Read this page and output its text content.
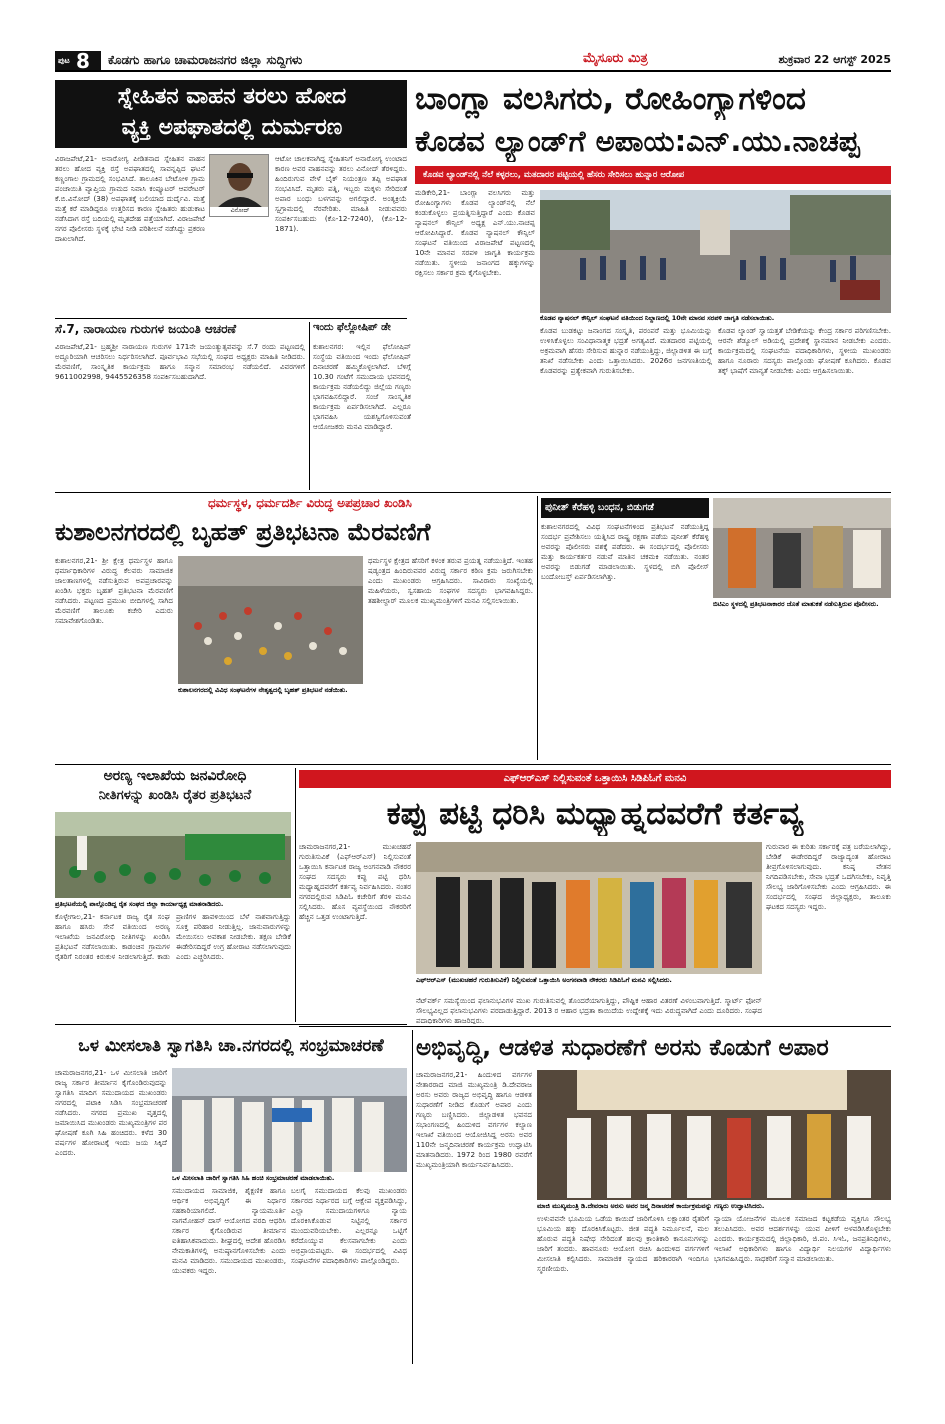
ಪುಟ 8 ಕೊಡಗು ಹಾಗೂ ಚಾಮರಾಜನಗರ ಜಿಲ್ಲಾ ಸುದ್ದಿಗಳು	ಮೈಸೂರು ಮಿತ್ರ	ಶುಕ್ರವಾರ 22 ಆಗಸ್ಟ್ 2025
ಸ್ನೇಹಿತನ ವಾಹನ ತರಲು ಹೋದ
ವ್ಯಕ್ತಿ ಅಪಘಾತದಲ್ಲಿ ದುರ್ಮರಣ
ವಿರಾಜಪೇಟೆ,21- ಅನಾರೋಗ್ಯ ಪೀಡಿತನಾದ ಸ್ನೇಹಿತನ ವಾಹನ ತರಲು ಹೋದ ವ್ಯಕ್ತಿ ರಸ್ತೆ ಅಪಘಾತದಲ್ಲಿ ಸಾವನ್ನಪ್ಪಿದ ಘಟನೆ ಕಣ್ಣಂಗಾಲ ಗ್ರಾಮದಲ್ಲಿ ಸಂಭವಿಸಿದೆ. ತಾಲೂಕಿನ ಬೇಟೋಳಿ ಗ್ರಾಮ ಪಂಚಾಯಿತಿ ವ್ಯಾಪ್ತಿಯ ಗ್ರಾಮದ ನಿವಾಸಿ ಕಂಪ್ಯೂಟರ್ ಆಪರೇಟರ್ ಕೆ.ಬಿ.ವಿನೋದ್ (38) ಅಪಘಾತಕ್ಕೆ ಬಲಿಯಾದ ದುರ್ದೈವಿ. ಮತ್ತೆ ಮತ್ತೆ ಕರೆ ಮಾಡಿದ್ದರೂ ಉತ್ತರಿಸದ ಕಾರಣ ಸ್ನೇಹಿತರು ಹುಡುಕಾಟ ನಡೆಸಿದಾಗ ರಸ್ತೆ ಬದಿಯಲ್ಲಿ ಮೃತದೇಹ ಪತ್ತೆಯಾಗಿದೆ. ವಿರಾಜಪೇಟೆ ನಗರ ಪೊಲೀಸರು ಸ್ಥಳಕ್ಕೆ ಭೇಟಿ ನೀಡಿ ಪರಿಶೀಲನೆ ನಡೆಸಿದ್ದು ಪ್ರಕರಣ ದಾಖಲಾಗಿದೆ.
ವಿನೋದ್
ಆಟೋ ಚಾಲಕನಾಗಿದ್ದ ಸ್ನೇಹಿತನಿಗೆ ಅನಾರೋಗ್ಯ ಉಂಟಾದ ಕಾರಣ ಅವರ ವಾಹನವನ್ನು ತರಲು ವಿನೋದ್ ತೆರಳಿದ್ದರು. ಹಿಂದಿರುಗುವ ವೇಳೆ ಬೈಕ್ ನಿಯಂತ್ರಣ ತಪ್ಪಿ ಅಪಘಾತ ಸಂಭವಿಸಿದೆ. ಮೃತರು ಪತ್ನಿ, ಇಬ್ಬರು ಮಕ್ಕಳು ಸೇರಿದಂತೆ ಅಪಾರ ಬಂಧು ಬಳಗವನ್ನು ಅಗಲಿದ್ದಾರೆ. ಅಂತ್ಯಕ್ರಿಯೆ ಸ್ವಗ್ರಾಮದಲ್ಲಿ ನೆರವೇರಿತು. ಮಾಹಿತಿ ನೀಡುವವರು ಸಂಪರ್ಕಿಸಬಹುದು (ಕೊ-12-7240), (ಕೊ-12-1871).
ಬಾಂಗ್ಲಾ ವಲಸಿಗರು, ರೋಹಿಂಗ್ಯಾಗಳಿಂದ
ಕೊಡವ ಲ್ಯಾಂಡ್‌ಗೆ ಅಪಾಯ:ಎನ್.ಯು.ನಾಚಪ್ಪ
ಕೊಡವ ಲ್ಯಾಂಡ್‌ನಲ್ಲಿ ನೆಲೆ ಕಳ್ಳರಲು, ಮತದಾರರ ಪಟ್ಟಿಯಲ್ಲಿ ಹೆಸರು ಸೇರಿಸಲು ಹುನ್ನಾರ ಆರೋಪ
ಮಡಿಕೇರಿ,21- ಬಾಂಗ್ಲಾ ವಲಸಿಗರು ಮತ್ತು ರೋಹಿಂಗ್ಯಾಗಳು ಕೊಡವ ಲ್ಯಾಂಡ್‌ನಲ್ಲಿ ನೆಲೆ ಕಂಡುಕೊಳ್ಳಲು ಪ್ರಯತ್ನಿಸುತ್ತಿದ್ದಾರೆ ಎಂದು ಕೊಡವ ನ್ಯಾಷನಲ್ ಕೌನ್ಸಿಲ್ ಅಧ್ಯಕ್ಷ ಎನ್.ಯು.ನಾಚಪ್ಪ ಆರೋಪಿಸಿದ್ದಾರೆ. ಕೊಡವ ನ್ಯಾಷನಲ್ ಕೌನ್ಸಿಲ್ ಸಂಘಟನೆ ವತಿಯಿಂದ ವಿರಾಜಪೇಟೆ ಪಟ್ಟಣದಲ್ಲಿ 10ನೇ ಮಾನವ ಸರಪಳಿ ಜಾಗೃತಿ ಕಾರ್ಯಕ್ರಮ ನಡೆಯಿತು. ಸ್ಥಳೀಯ ಜನಾಂಗದ ಹಕ್ಕುಗಳನ್ನು ರಕ್ಷಿಸಲು ಸರ್ಕಾರ ಕ್ರಮ ಕೈಗೊಳ್ಳಬೇಕು.
ಕೊಡವ ನ್ಯಾಷನಲ್ ಕೌನ್ಸಿಲ್ ಸಂಘಟನೆ ವತಿಯಿಂದ ನಿಲ್ದಾಣದಲ್ಲಿ 10ನೇ ಮಾನವ ಸರಪಳಿ ಜಾಗೃತಿ ನಡೆಸಲಾಯಿತು.
ಕೊಡವ ಬುಡಕಟ್ಟು ಜನಾಂಗದ ಸಂಸ್ಕೃತಿ, ಪರಂಪರೆ ಮತ್ತು ಭೂಮಿಯನ್ನು ಉಳಿಸಿಕೊಳ್ಳಲು ಸಂವಿಧಾನಾತ್ಮಕ ಭದ್ರತೆ ಅಗತ್ಯವಿದೆ. ಮತದಾರರ ಪಟ್ಟಿಯಲ್ಲಿ ಅಕ್ರಮವಾಗಿ ಹೆಸರು ಸೇರಿಸುವ ಹುನ್ನಾರ ನಡೆಯುತ್ತಿದ್ದು, ಜಿಲ್ಲಾಡಳಿತ ಈ ಬಗ್ಗೆ ತನಿಖೆ ನಡೆಸಬೇಕು ಎಂದು ಒತ್ತಾಯಿಸಿದರು. 2026ರ ಜನಗಣತಿಯಲ್ಲಿ ಕೊಡವರನ್ನು ಪ್ರತ್ಯೇಕವಾಗಿ ಗುರುತಿಸಬೇಕು.
ಕೊಡವ ಲ್ಯಾಂಡ್ ಸ್ವಾಯತ್ತತೆ ಬೇಡಿಕೆಯನ್ನು ಕೇಂದ್ರ ಸರ್ಕಾರ ಪರಿಗಣಿಸಬೇಕು. ಆರನೇ ಶೆಡ್ಯೂಲ್ ಅಡಿಯಲ್ಲಿ ಪ್ರದೇಶಕ್ಕೆ ಸ್ಥಾನಮಾನ ನೀಡಬೇಕು ಎಂದರು. ಕಾರ್ಯಕ್ರಮದಲ್ಲಿ ಸಂಘಟನೆಯ ಪದಾಧಿಕಾರಿಗಳು, ಸ್ಥಳೀಯ ಮುಖಂಡರು ಹಾಗೂ ನೂರಾರು ಸದಸ್ಯರು ಪಾಲ್ಗೊಂಡು ಘೋಷಣೆ ಕೂಗಿದರು. ಕೊಡವ ತಕ್ಕ್ ಭಾಷೆಗೆ ಮಾನ್ಯತೆ ನೀಡಬೇಕು ಎಂದು ಆಗ್ರಹಿಸಲಾಯಿತು.
ಸೆ.7, ನಾರಾಯಣ ಗುರುಗಳ ಜಯಂತಿ ಆಚರಣೆ
ವಿರಾಜಪೇಟೆ,21- ಬ್ರಹ್ಮಶ್ರೀ ನಾರಾಯಣ ಗುರುಗಳ 171ನೇ ಜಯಂತ್ಯುತ್ಸವವನ್ನು ಸೆ.7 ರಂದು ಪಟ್ಟಣದಲ್ಲಿ ಅದ್ದೂರಿಯಾಗಿ ಆಚರಿಸಲು ನಿರ್ಧರಿಸಲಾಗಿದೆ. ಪೂರ್ವಭಾವಿ ಸಭೆಯಲ್ಲಿ ಸಂಘದ ಅಧ್ಯಕ್ಷರು ಮಾಹಿತಿ ನೀಡಿದರು. ಮೆರವಣಿಗೆ, ಸಾಂಸ್ಕೃತಿಕ ಕಾರ್ಯಕ್ರಮ ಹಾಗೂ ಸನ್ಮಾನ ಸಮಾರಂಭ ನಡೆಯಲಿದೆ. ವಿವರಗಳಿಗೆ 9611002998, 9445526358 ಸಂಪರ್ಕಿಸಬಹುದಾಗಿದೆ.
ಇಂದು ಫೆಲ್ಲೋಷಿಪ್ ಡೇ
ಕುಶಾಲನಗರ: ಇಲ್ಲಿನ ಫೆಲೋಷಿಪ್ ಸಂಸ್ಥೆಯ ವತಿಯಿಂದ ಇಂದು ಫೆಲೋಷಿಪ್ ದಿನಾಚರಣೆ ಹಮ್ಮಿಕೊಳ್ಳಲಾಗಿದೆ. ಬೆಳಿಗ್ಗೆ 10.30 ಗಂಟೆಗೆ ಸಮುದಾಯ ಭವನದಲ್ಲಿ ಕಾರ್ಯಕ್ರಮ ನಡೆಯಲಿದ್ದು ಜಿಲ್ಲೆಯ ಗಣ್ಯರು ಭಾಗವಹಿಸಲಿದ್ದಾರೆ. ಸಂಜೆ ಸಾಂಸ್ಕೃತಿಕ ಕಾರ್ಯಕ್ರಮ ಏರ್ಪಡಿಸಲಾಗಿದೆ. ಎಲ್ಲರೂ ಭಾಗವಹಿಸಿ ಯಶಸ್ವಿಗೊಳಿಸುವಂತೆ ಆಯೋಜಕರು ಮನವಿ ಮಾಡಿದ್ದಾರೆ.
ಧರ್ಮಸ್ಥಳ, ಧರ್ಮದರ್ಶಿ ವಿರುದ್ಧ ಅಪಪ್ರಚಾರ ಖಂಡಿಸಿ
ಕುಶಾಲನಗರದಲ್ಲಿ ಬೃಹತ್ ಪ್ರತಿಭಟನಾ ಮೆರವಣಿಗೆ
ಕುಶಾಲನಗರ,21- ಶ್ರೀ ಕ್ಷೇತ್ರ ಧರ್ಮಸ್ಥಳ ಹಾಗೂ ಧರ್ಮಾಧಿಕಾರಿಗಳ ವಿರುದ್ಧ ಕೆಲವರು ಸಾಮಾಜಿಕ ಜಾಲತಾಣಗಳಲ್ಲಿ ನಡೆಸುತ್ತಿರುವ ಅಪಪ್ರಚಾರವನ್ನು ಖಂಡಿಸಿ ಭಕ್ತರು ಬೃಹತ್ ಪ್ರತಿಭಟನಾ ಮೆರವಣಿಗೆ ನಡೆಸಿದರು. ಪಟ್ಟಣದ ಪ್ರಮುಖ ಬೀದಿಗಳಲ್ಲಿ ಸಾಗಿದ ಮೆರವಣಿಗೆ ತಾಲೂಕು ಕಚೇರಿ ಎದುರು ಸಮಾವೇಶಗೊಂಡಿತು.
ಕುಶಾಲನಗರದಲ್ಲಿ ವಿವಿಧ ಸಂಘಟನೆಗಳ ನೇತೃತ್ವದಲ್ಲಿ ಬೃಹತ್ ಪ್ರತಿಭಟನೆ ನಡೆಯಿತು.
ಧರ್ಮಸ್ಥಳ ಕ್ಷೇತ್ರದ ಹೆಸರಿಗೆ ಕಳಂಕ ತರುವ ಪ್ರಯತ್ನ ನಡೆಯುತ್ತಿದೆ. ಇಂತಹ ಷಡ್ಯಂತ್ರದ ಹಿಂದಿರುವವರ ವಿರುದ್ಧ ಸರ್ಕಾರ ಕಠಿಣ ಕ್ರಮ ಜರುಗಿಸಬೇಕು ಎಂದು ಮುಖಂಡರು ಆಗ್ರಹಿಸಿದರು. ಸಾವಿರಾರು ಸಂಖ್ಯೆಯಲ್ಲಿ ಮಹಿಳೆಯರು, ಸ್ವಸಹಾಯ ಸಂಘಗಳ ಸದಸ್ಯರು ಭಾಗವಹಿಸಿದ್ದರು. ತಹಶೀಲ್ದಾರ್ ಮೂಲಕ ಮುಖ್ಯಮಂತ್ರಿಗಳಿಗೆ ಮನವಿ ಸಲ್ಲಿಸಲಾಯಿತು.
ಪುನೀತ್ ಕೆರೆಹಳ್ಳಿ ಬಂಧನ, ಬಿಡುಗಡೆ
ಕುಶಾಲನಗರದಲ್ಲಿ ವಿವಿಧ ಸಂಘಟನೆಗಳಿಂದ ಪ್ರತಿಭಟನೆ ನಡೆಯುತ್ತಿದ್ದ ಸಂದರ್ಭ ಪ್ರವೇಶಿಸಲು ಯತ್ನಿಸಿದ ರಾಷ್ಟ್ರ ರಕ್ಷಣಾ ಪಡೆಯ ಪುನೀತ್ ಕೆರೆಹಳ್ಳಿ ಅವರನ್ನು ಪೊಲೀಸರು ವಶಕ್ಕೆ ಪಡೆದರು. ಈ ಸಂದರ್ಭದಲ್ಲಿ ಪೊಲೀಸರು ಮತ್ತು ಕಾರ್ಯಕರ್ತರ ನಡುವೆ ಮಾತಿನ ಚಕಮಕಿ ನಡೆಯಿತು. ನಂತರ ಅವರನ್ನು ಬಿಡುಗಡೆ ಮಾಡಲಾಯಿತು. ಸ್ಥಳದಲ್ಲಿ ಬಿಗಿ ಪೊಲೀಸ್ ಬಂದೋಬಸ್ತ್ ಏರ್ಪಡಿಸಲಾಗಿತ್ತು.
ಬಿಟಿಎಂ ಸ್ಥಳದಲ್ಲಿ ಪ್ರತಿಭಟನಾಕಾರರ ಜೊತೆ ಮಾತುಕತೆ ನಡೆಸುತ್ತಿರುವ ಪೊಲೀಸರು.
ಅರಣ್ಯ ಇಲಾಖೆಯ ಜನವಿರೋಧಿ
ನೀತಿಗಳನ್ನು ಖಂಡಿಸಿ ರೈತರ ಪ್ರತಿಭಟನೆ
ಪ್ರತಿಭಟನೆಯಲ್ಲಿ ಪಾಲ್ಗೊಂಡಿದ್ದ ರೈತ ಸಂಘದ ಜಿಲ್ಲಾ ಕಾರ್ಯಾಧ್ಯಕ್ಷ ಮಾತನಾಡಿದರು.
ಕೊಳ್ಳೇಗಾಲ,21- ಕರ್ನಾಟಕ ರಾಜ್ಯ ರೈತ ಸಂಘ ಹಾಗೂ ಹಸಿರು ಸೇನೆ ವತಿಯಿಂದ ಅರಣ್ಯ ಇಲಾಖೆಯ ಜನವಿರೋಧಿ ನೀತಿಗಳನ್ನು ಖಂಡಿಸಿ ಪ್ರತಿಭಟನೆ ನಡೆಸಲಾಯಿತು. ಕಾಡಂಚಿನ ಗ್ರಾಮಗಳ ರೈತರಿಗೆ ನಿರಂತರ ಕಿರುಕುಳ ನೀಡಲಾಗುತ್ತಿದೆ. ಕಾಡು ಪ್ರಾಣಿಗಳ ಹಾವಳಿಯಿಂದ ಬೆಳೆ ನಾಶವಾಗುತ್ತಿದ್ದು ಸೂಕ್ತ ಪರಿಹಾರ ನೀಡುತ್ತಿಲ್ಲ. ಜಾನುವಾರುಗಳನ್ನು ಮೇಯಿಸಲು ಅವಕಾಶ ನೀಡಬೇಕು. ತಕ್ಷಣ ಬೇಡಿಕೆ ಈಡೇರಿಸದಿದ್ದರೆ ಉಗ್ರ ಹೋರಾಟ ನಡೆಸಲಾಗುವುದು ಎಂದು ಎಚ್ಚರಿಸಿದರು.
ಎಫ್‌ಆರ್‌ಎಸ್ ನಿಲ್ಲಿಸುವಂತೆ ಒತ್ತಾಯಿಸಿ ಸಿಡಿಪಿಓಗೆ ಮನವಿ
ಕಪ್ಪು ಪಟ್ಟಿ ಧರಿಸಿ ಮಧ್ಯಾಹ್ನದವರೆಗೆ ಕರ್ತವ್ಯ
ಚಾಮರಾಜನಗರ,21- ಮುಖಚಹರೆ ಗುರುತಿಸುವಿಕೆ (ಎಫ್‌ಆರ್‌ಎಸ್) ನಿಲ್ಲಿಸುವಂತೆ ಒತ್ತಾಯಿಸಿ ಕರ್ನಾಟಕ ರಾಜ್ಯ ಅಂಗನವಾಡಿ ನೌಕರರ ಸಂಘದ ಸದಸ್ಯರು ಕಪ್ಪು ಪಟ್ಟಿ ಧರಿಸಿ ಮಧ್ಯಾಹ್ನದವರೆಗೆ ಕರ್ತವ್ಯ ನಿರ್ವಹಿಸಿದರು. ನಂತರ ನಗರದಲ್ಲಿರುವ ಸಿಡಿಪಿಓ ಕಚೇರಿಗೆ ತೆರಳಿ ಮನವಿ ಸಲ್ಲಿಸಿದರು. ಹೊಸ ವ್ಯವಸ್ಥೆಯಿಂದ ನೌಕರರಿಗೆ ಹೆಚ್ಚಿನ ಒತ್ತಡ ಉಂಟಾಗುತ್ತಿದೆ.
ಎಫ್‌ಆರ್‌ಎಸ್ (ಮುಖಚಹರೆ ಗುರುತಿಸುವಿಕೆ) ನಿಲ್ಲಿಸುವಂತೆ ಒತ್ತಾಯಿಸಿ ಅಂಗನವಾಡಿ ನೌಕರರು ಸಿಡಿಪಿಓಗೆ ಮನವಿ ಸಲ್ಲಿಸಿದರು.
ನೆಟ್‌ವರ್ಕ್ ಸಮಸ್ಯೆಯಿಂದ ಫಲಾನುಭವಿಗಳ ಮುಖ ಗುರುತಿಸುವಲ್ಲಿ ತೊಂದರೆಯಾಗುತ್ತಿದ್ದು, ಪೌಷ್ಟಿಕ ಆಹಾರ ವಿತರಣೆ ವಿಳಂಬವಾಗುತ್ತಿದೆ. ಸ್ಮಾರ್ಟ್ ಫೋನ್ ಸೌಲಭ್ಯವಿಲ್ಲದ ಫಲಾನುಭವಿಗಳು ಪರದಾಡುತ್ತಿದ್ದಾರೆ. 2013 ರ ಆಹಾರ ಭದ್ರತಾ ಕಾಯಿದೆಯ ಉದ್ದೇಶಕ್ಕೆ ಇದು ವಿರುದ್ಧವಾಗಿದೆ ಎಂದು ದೂರಿದರು. ಸಂಘದ ಪದಾಧಿಕಾರಿಗಳು ಹಾಜರಿದ್ದರು.
ಗುರುವಾರ ಈ ಕುರಿತು ಸರ್ಕಾರಕ್ಕೆ ಪತ್ರ ಬರೆಯಲಾಗಿದ್ದು, ಬೇಡಿಕೆ ಈಡೇರದಿದ್ದರೆ ರಾಜ್ಯಾದ್ಯಂತ ಹೋರಾಟ ತೀವ್ರಗೊಳಿಸಲಾಗುವುದು. ಕನಿಷ್ಠ ವೇತನ ನಿಗದಿಪಡಿಸಬೇಕು, ಸೇವಾ ಭದ್ರತೆ ಒದಗಿಸಬೇಕು, ನಿವೃತ್ತಿ ಸೌಲಭ್ಯ ಜಾರಿಗೊಳಿಸಬೇಕು ಎಂದು ಆಗ್ರಹಿಸಿದರು. ಈ ಸಂದರ್ಭದಲ್ಲಿ ಸಂಘದ ಜಿಲ್ಲಾಧ್ಯಕ್ಷರು, ತಾಲೂಕು ಘಟಕದ ಸದಸ್ಯರು ಇದ್ದರು.
ಅಭಿವೃದ್ಧಿ, ಆಡಳಿತ ಸುಧಾರಣೆಗೆ ಅರಸು ಕೊಡುಗೆ ಅಪಾರ
ಚಾಮರಾಜನಗರ,21- ಹಿಂದುಳಿದ ವರ್ಗಗಳ ನೇತಾರರಾದ ಮಾಜಿ ಮುಖ್ಯಮಂತ್ರಿ ಡಿ.ದೇವರಾಜ ಅರಸು ಅವರು ರಾಜ್ಯದ ಅಭಿವೃದ್ಧಿ ಹಾಗೂ ಆಡಳಿತ ಸುಧಾರಣೆಗೆ ನೀಡಿದ ಕೊಡುಗೆ ಅಪಾರ ಎಂದು ಗಣ್ಯರು ಬಣ್ಣಿಸಿದರು. ಜಿಲ್ಲಾಡಳಿತ ಭವನದ ಸಭಾಂಗಣದಲ್ಲಿ ಹಿಂದುಳಿದ ವರ್ಗಗಳ ಕಲ್ಯಾಣ ಇಲಾಖೆ ವತಿಯಿಂದ ಆಯೋಜಿಸಿದ್ದ ಅರಸು ಅವರ 110ನೇ ಜನ್ಮದಿನಾಚರಣೆ ಕಾರ್ಯಕ್ರಮ ಉದ್ಘಾಟಿಸಿ ಮಾತನಾಡಿದರು. 1972 ರಿಂದ 1980 ರವರೆಗೆ ಮುಖ್ಯಮಂತ್ರಿಯಾಗಿ ಕಾರ್ಯನಿರ್ವಹಿಸಿದರು.
ಮಾಜಿ ಮುಖ್ಯಮಂತ್ರಿ ಡಿ.ದೇವರಾಜ ಅರಸು ಅವರ ಜನ್ಮ ದಿನಾಚರಣೆ ಕಾರ್ಯಕ್ರಮವನ್ನು ಗಣ್ಯರು ಉದ್ಘಾಟಿಸಿದರು.
ಉಳುವವನೇ ಭೂಮಿಯ ಒಡೆಯ ಕಾಯಿದೆ ಜಾರಿಗೊಳಿಸಿ ಲಕ್ಷಾಂತರ ರೈತರಿಗೆ ಭೂಮಿಯ ಹಕ್ಕು ದೊರಕಿಸಿಕೊಟ್ಟರು. ಜೀತ ಪದ್ಧತಿ ನಿರ್ಮೂಲನೆ, ಮಲ ಹೊರುವ ಪದ್ಧತಿ ನಿಷೇಧ ಸೇರಿದಂತೆ ಹಲವು ಕ್ರಾಂತಿಕಾರಿ ಕಾನೂನುಗಳನ್ನು ಜಾರಿಗೆ ತಂದರು. ಹಾವನೂರು ಆಯೋಗ ರಚಿಸಿ ಹಿಂದುಳಿದ ವರ್ಗಗಳಿಗೆ ಮೀಸಲಾತಿ ಕಲ್ಪಿಸಿದರು. ಸಾಮಾಜಿಕ ನ್ಯಾಯದ ಹರಿಕಾರರಾಗಿ ಇಂದಿಗೂ ಸ್ಮರಣೀಯರು.
ನ್ಯಾಯಾ ಯೋಜನೆಗಳ ಮೂಲಕ ಸಮಾಜದ ಕಟ್ಟಕಡೆಯ ವ್ಯಕ್ತಿಗೂ ಸೌಲಭ್ಯ ತಲುಪಿಸಿದರು. ಅವರ ಆದರ್ಶಗಳನ್ನು ಯುವ ಪೀಳಿಗೆ ಅಳವಡಿಸಿಕೊಳ್ಳಬೇಕು ಎಂದರು. ಕಾರ್ಯಕ್ರಮದಲ್ಲಿ ಜಿಲ್ಲಾಧಿಕಾರಿ, ಜಿ.ಪಂ. ಸಿಇಓ, ಜನಪ್ರತಿನಿಧಿಗಳು, ಇಲಾಖೆ ಅಧಿಕಾರಿಗಳು ಹಾಗೂ ವಿದ್ಯಾರ್ಥಿ ನಿಲಯಗಳ ವಿದ್ಯಾರ್ಥಿಗಳು ಭಾಗವಹಿಸಿದ್ದರು. ಸಾಧಕರಿಗೆ ಸನ್ಮಾನ ಮಾಡಲಾಯಿತು.
ಒಳ ಮೀಸಲಾತಿ ಸ್ವಾಗತಿಸಿ ಚಾ.ನಗರದಲ್ಲಿ ಸಂಭ್ರಮಾಚರಣೆ
ಚಾಮರಾಜನಗರ,21- ಒಳ ಮೀಸಲಾತಿ ಜಾರಿಗೆ ರಾಜ್ಯ ಸರ್ಕಾರ ತೀರ್ಮಾನ ಕೈಗೊಂಡಿರುವುದನ್ನು ಸ್ವಾಗತಿಸಿ ಮಾದಿಗ ಸಮುದಾಯದ ಮುಖಂಡರು ನಗರದಲ್ಲಿ ಪಟಾಕಿ ಸಿಡಿಸಿ ಸಂಭ್ರಮಾಚರಣೆ ನಡೆಸಿದರು. ನಗರದ ಪ್ರಮುಖ ವೃತ್ತದಲ್ಲಿ ಜಮಾಯಿಸಿದ ಮುಖಂಡರು ಮುಖ್ಯಮಂತ್ರಿಗಳ ಪರ ಘೋಷಣೆ ಕೂಗಿ ಸಿಹಿ ಹಂಚಿದರು. ಕಳೆದ 30 ವರ್ಷಗಳ ಹೋರಾಟಕ್ಕೆ ಇಂದು ಜಯ ಸಿಕ್ಕಿದೆ ಎಂದರು.
ಒಳ ಮೀಸಲಾತಿ ಜಾರಿಗೆ ಸ್ವಾಗತಿಸಿ ಸಿಹಿ ಹಂಚಿ ಸಂಭ್ರಮಾಚರಣೆ ಮಾಡಲಾಯಿತು.
ಸಮುದಾಯದ ಸಾಮಾಜಿಕ, ಶೈಕ್ಷಣಿಕ ಹಾಗೂ ಆರ್ಥಿಕ ಅಭಿವೃದ್ಧಿಗೆ ಈ ನಿರ್ಧಾರ ಸಹಕಾರಿಯಾಗಲಿದೆ. ನ್ಯಾಯಮೂರ್ತಿ ನಾಗಮೋಹನ್ ದಾಸ್ ಆಯೋಗದ ವರದಿ ಆಧರಿಸಿ ಸರ್ಕಾರ ಕೈಗೊಂಡಿರುವ ತೀರ್ಮಾನ ಐತಿಹಾಸಿಕವಾದುದು. ಶೀಘ್ರದಲ್ಲಿ ಆದೇಶ ಹೊರಡಿಸಿ ನೇಮಕಾತಿಗಳಲ್ಲಿ ಅನುಷ್ಠಾನಗೊಳಿಸಬೇಕು ಎಂದು ಮನವಿ ಮಾಡಿದರು. ಸಮುದಾಯದ ಮುಖಂಡರು, ಯುವಕರು ಇದ್ದರು.
ಬಲಗೈ ಸಮುದಾಯದ ಕೆಲವು ಮುಖಂಡರು ಸರ್ಕಾರದ ನಿರ್ಧಾರದ ಬಗ್ಗೆ ಆಕ್ಷೇಪ ವ್ಯಕ್ತಪಡಿಸಿದ್ದು, ಎಲ್ಲಾ ಸಮುದಾಯಗಳಿಗೂ ನ್ಯಾಯ ದೊರಕಿಸಿಕೊಡುವ ನಿಟ್ಟಿನಲ್ಲಿ ಸರ್ಕಾರ ಮುಂದುವರಿಯಬೇಕು. ಎಲ್ಲರನ್ನೂ ಒಟ್ಟಿಗೆ ಕರೆದೊಯ್ಯುವ ಕೆಲಸವಾಗಬೇಕು ಎಂದು ಅಭಿಪ್ರಾಯಪಟ್ಟರು. ಈ ಸಂದರ್ಭದಲ್ಲಿ ವಿವಿಧ ಸಂಘಟನೆಗಳ ಪದಾಧಿಕಾರಿಗಳು ಪಾಲ್ಗೊಂಡಿದ್ದರು.
